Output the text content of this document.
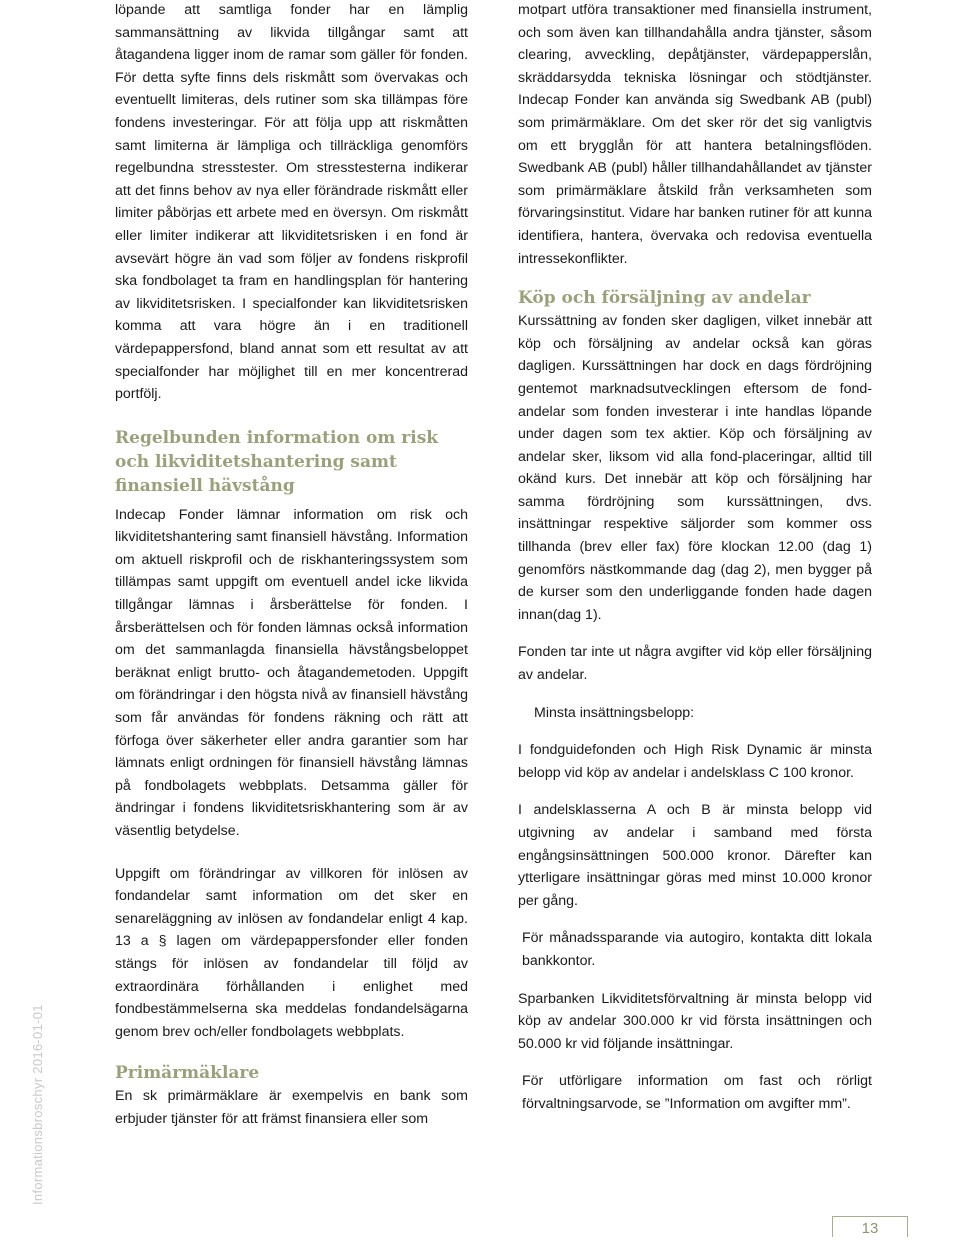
Informationsbroschyr 2016-01-01

löpande att samtliga fonder har en lämplig sammansättning av likvida tillgångar samt att åtagandena ligger inom de ramar som gäller för fonden. För detta syfte finns dels riskmått som övervakas och eventuellt limiteras, dels rutiner som ska tillämpas före fondens investeringar. För att följa upp att riskmåtten samt limiterna är lämpliga och tillräckliga genomförs regelbundna stresstester. Om stresstesterna indikerar att det finns behov av nya eller förändrade riskmått eller limiter påbörjas ett arbete med en översyn. Om riskmått eller limiter indikerar att likviditetsrisken i en fond är avsevärt högre än vad som följer av fondens riskprofil ska fondbolaget ta fram en handlingsplan för hantering av likviditetsrisken. I specialfonder kan likviditetsrisken komma att vara högre än i en traditionell värdepappersfond, bland annat som ett resultat av att specialfonder har möjlighet till en mer koncentrerad portfölj.

Regelbunden information om risk och likviditetshantering samt finansiell hävstång

Indecap Fonder lämnar information om risk och likviditetshantering samt finansiell hävstång. Information om aktuell riskprofil och de riskhanteringssystem som tillämpas samt uppgift om eventuell andel icke likvida tillgångar lämnas i årsberättelse för fonden. I årsberättelsen och för fonden lämnas också information om det sammanlagda finansiella hävstångsbeloppet beräknat enligt brutto- och åtagandemetoden. Uppgift om förändringar i den högsta nivå av finansiell hävstång som får användas för fondens räkning och rätt att förfoga över säkerheter eller andra garantier som har lämnats enligt ordningen för finansiell hävstång lämnas på fondbolagets webbplats. Detsamma gäller för ändringar i fondens likviditetsriskhantering som är av väsentlig betydelse.

Uppgift om förändringar av villkoren för inlösen av fondandelar samt information om det sker en senareläggning av inlösen av fondandelar enligt 4 kap. 13 a § lagen om värdepappersfonder eller fonden stängs för inlösen av fondandelar till följd av extraordinära förhållanden i enlighet med fondbestämmelserna ska meddelas fondandelsägarna genom brev och/eller fondbolagets webbplats.

Primärmäklare

En sk primärmäklare är exempelvis en bank som erbjuder tjänster för att främst finansiera eller som

motpart utföra transaktioner med finansiella instrument, och som även kan tillhandahålla andra tjänster, såsom clearing, avveckling, depåtjänster, värdepapperslån, skräddarsydda tekniska lösningar och stödtjänster. Indecap Fonder kan använda sig Swedbank AB (publ) som primärmäklare. Om det sker rör det sig vanligtvis om ett brygglån för att hantera betalningsflöden. Swedbank AB (publ) håller tillhandahållandet av tjänster som primärmäklare åtskild från verksamheten som förvaringsinstitut. Vidare har banken rutiner för att kunna identifiera, hantera, övervaka och redovisa eventuella intressekonflikter.

Köp och försäljning av andelar

Kurssättning av fonden sker dagligen, vilket innebär att köp och försäljning av andelar också kan göras dagligen. Kurssättningen har dock en dags fördröjning gentemot marknadsutvecklingen eftersom de fond- andelar som fonden investerar i inte handlas löpande under dagen som tex aktier. Köp och försäljning av andelar sker, liksom vid alla fond-placeringar, alltid till okänd kurs. Det innebär att köp och försäljning har samma fördröjning som kurssättningen, dvs. insättningar respektive säljorder som kommer oss tillhanda (brev eller fax) före klockan 12.00 (dag 1) genomförs nästkommande dag (dag 2), men bygger på de kurser som den underliggande fonden hade dagen innan(dag 1).

Fonden tar inte ut några avgifter vid köp eller försäljning av andelar.

Minsta insättningsbelopp:

I fondguidefonden och High Risk Dynamic är minsta belopp vid köp av andelar i andelsklass C 100 kronor.

I andelsklasserna A och B är minsta belopp vid utgivning av andelar i samband med första engångsinsättningen 500.000 kronor. Därefter kan ytterligare insättningar göras med minst 10.000 kronor per gång.

För månadssparande via autogiro, kontakta ditt lokala bankkontor.

Sparbanken Likviditetsförvaltning är minsta belopp vid köp av andelar 300.000 kr vid första insättningen och 50.000 kr vid följande insättningar.

För utförligare information om fast och rörligt förvaltningsarvode, se ”Information om avgifter mm”.

13
